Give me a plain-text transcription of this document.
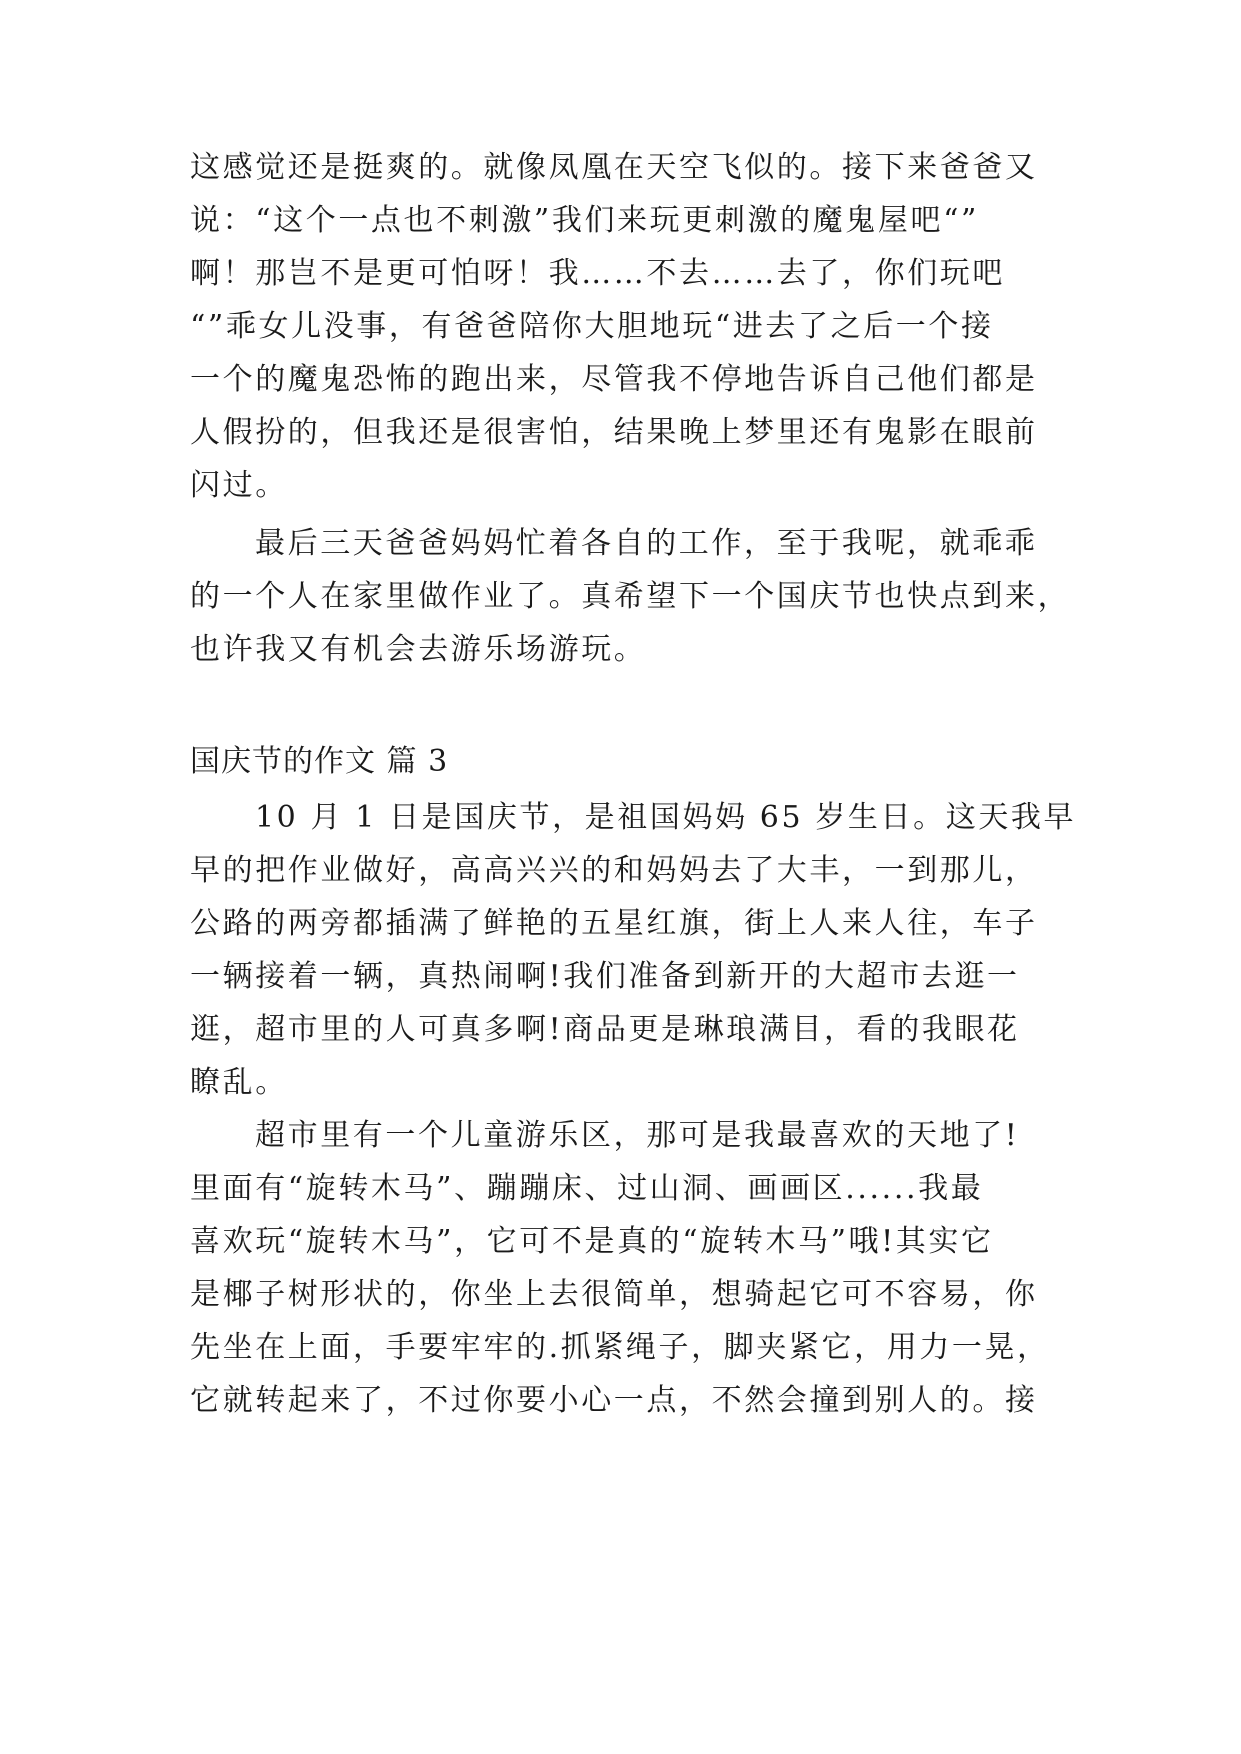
这感觉还是挺爽的。就像凤凰在天空飞似的。接下来爸爸又
说：“这个一点也不刺激”我们来玩更刺激的魔鬼屋吧“”
啊！那岂不是更可怕呀！我……不去……去了，你们玩吧
“”乖女儿没事，有爸爸陪你大胆地玩“进去了之后一个接
一个的魔鬼恐怖的跑出来，尽管我不停地告诉自己他们都是
人假扮的，但我还是很害怕，结果晚上梦里还有鬼影在眼前
闪过。
最后三天爸爸妈妈忙着各自的工作，至于我呢，就乖乖
的一个人在家里做作业了。真希望下一个国庆节也快点到来，
也许我又有机会去游乐场游玩。
国庆节的作文 篇 3
10 月 1 日是国庆节，是祖国妈妈 65 岁生日。这天我早
早的把作业做好，高高兴兴的和妈妈去了大丰，一到那儿，
公路的两旁都插满了鲜艳的五星红旗，街上人来人往，车子
一辆接着一辆，真热闹啊!我们准备到新开的大超市去逛一
逛，超市里的人可真多啊!商品更是琳琅满目，看的我眼花
瞭乱。
超市里有一个儿童游乐区，那可是我最喜欢的天地了!
里面有“旋转木马”、蹦蹦床、过山洞、画画区......我最
喜欢玩“旋转木马”，它可不是真的“旋转木马”哦!其实它
是椰子树形状的，你坐上去很简单，想骑起它可不容易，你
先坐在上面，手要牢牢的.抓紧绳子，脚夹紧它，用力一晃，
它就转起来了，不过你要小心一点，不然会撞到别人的。接
